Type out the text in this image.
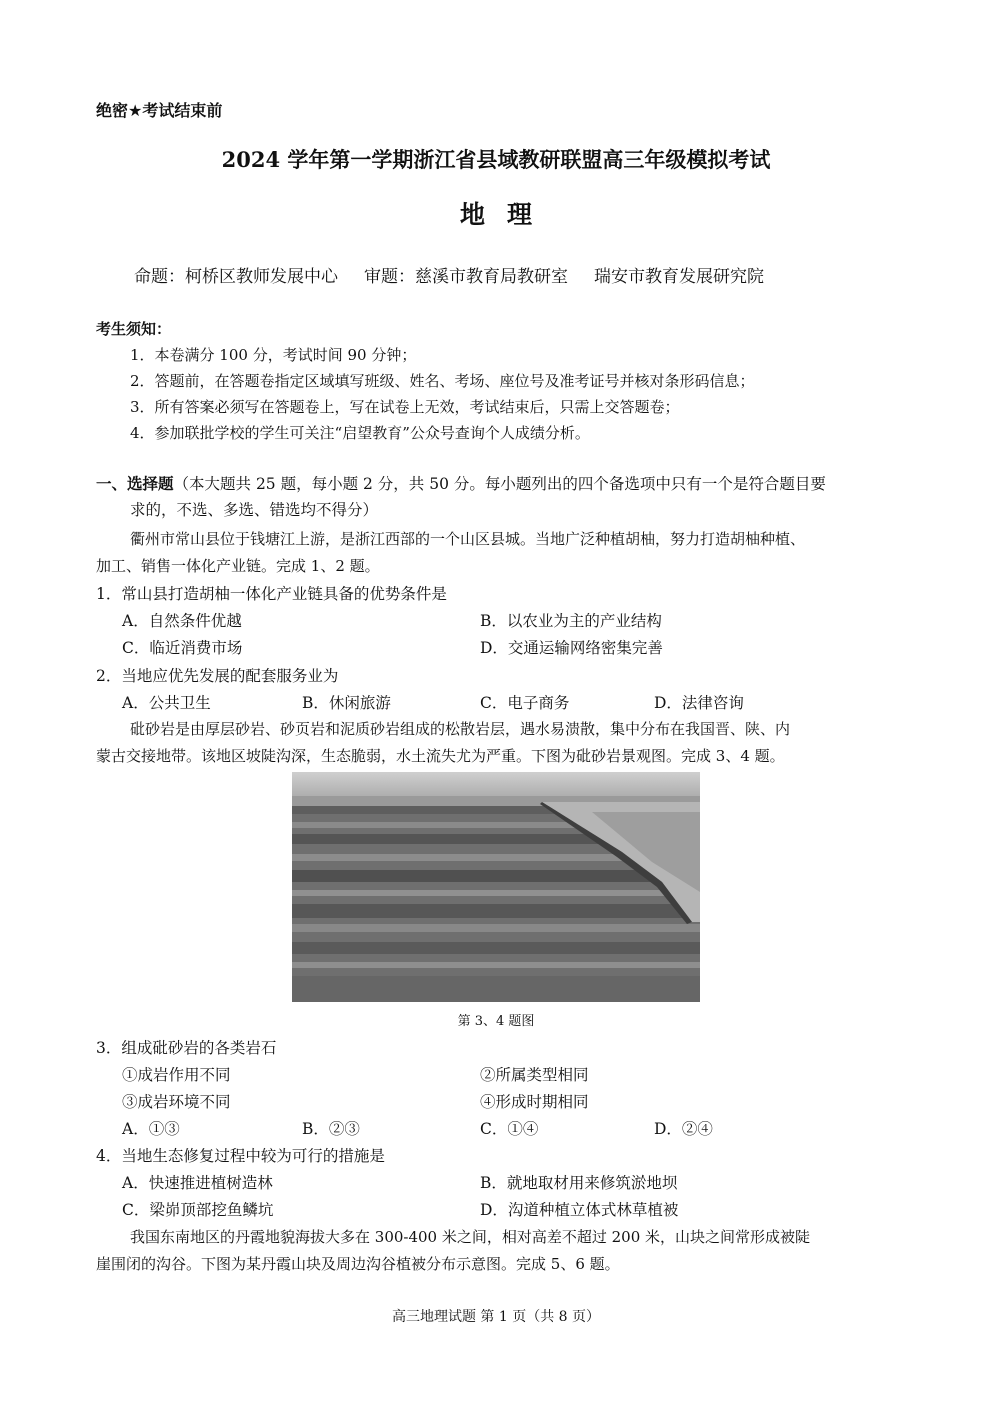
绝密★考试结束前
2024 学年第一学期浙江省县域教研联盟高三年级模拟考试
地理
命题：柯桥区教师发展中心 审题：慈溪市教育局教研室 瑞安市教育发展研究院
考生须知：
1．本卷满分 100 分，考试时间 90 分钟；
2．答题前，在答题卷指定区域填写班级、姓名、考场、座位号及准考证号并核对条形码信息；
3．所有答案必须写在答题卷上，写在试卷上无效，考试结束后，只需上交答题卷；
4．参加联批学校的学生可关注“启望教育”公众号查询个人成绩分析。
一、选择题（本大题共 25 题，每小题 2 分，共 50 分。每小题列出的四个备选项中只有一个是符合题目要
求的，不选、多选、错选均不得分）
衢州市常山县位于钱塘江上游，是浙江西部的一个山区县城。当地广泛种植胡柚，努力打造胡柚种植、
加工、销售一体化产业链。完成 1、2 题。
1．常山县打造胡柚一体化产业链具备的优势条件是
A．自然条件优越	B．以农业为主的产业结构
C．临近消费市场	D．交通运输网络密集完善
2．当地应优先发展的配套服务业为
A．公共卫生	B．休闲旅游	C．电子商务	D．法律咨询
砒砂岩是由厚层砂岩、砂页岩和泥质砂岩组成的松散岩层，遇水易溃散，集中分布在我国晋、陕、内
蒙古交接地带。该地区坡陡沟深，生态脆弱，水土流失尤为严重。下图为砒砂岩景观图。完成 3、4 题。
第 3、4 题图
3．组成砒砂岩的各类岩石
①成岩作用不同	②所属类型相同
③成岩环境不同	④形成时期相同
A．①③	B．②③	C．①④	D．②④
4．当地生态修复过程中较为可行的措施是
A．快速推进植树造林	B．就地取材用来修筑淤地坝
C．梁峁顶部挖鱼鳞坑	D．沟道种植立体式林草植被
我国东南地区的丹霞地貌海拔大多在 300-400 米之间，相对高差不超过 200 米，山块之间常形成被陡
崖围闭的沟谷。下图为某丹霞山块及周边沟谷植被分布示意图。完成 5、6 题。
高三地理试题 第 1 页（共 8 页）
